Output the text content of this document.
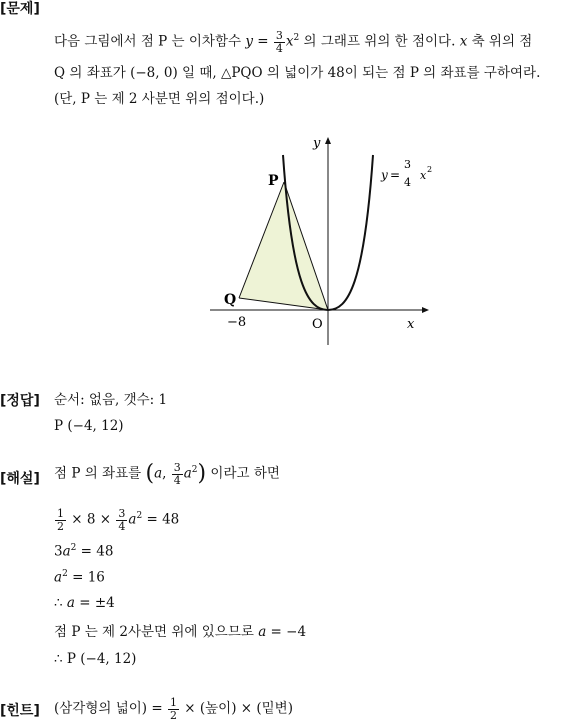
[문제]
다음 그림에서 점 P 는 이차함수 $y = \frac{3}{4} x^2$ 의 그래프 위의 한 점이다. x 축 위의 점
Q 의 좌표가 (−8, 0) 일 때, △PQO 의 넓이가 48이 되는 점 P 의 좌표를 구하여라.
(단, P 는 제 2 사분면 위의 점이다.)
y
P
Q
O
−8	x
y =
3
4
x 2
[정답] 순서: 없음, 갯수: 1
P (−4, 12)
[해설] 점 P 의 좌표를 (a, $\frac{3}{4} a^2$) 이라고 하면
$\frac{1}{2} \times 8 \times \frac{3}{4} a^2 = 48$
$3a^2 = 48$
$a^2 = 16$
∴ a = ±4
점 P 는 제 2사분면 위에 있으므로 a = −4
∴ P (−4, 12)
[힌트] (삼각형의 넓이) = $\frac{1}{2}$ × (높이) × (밑변)
